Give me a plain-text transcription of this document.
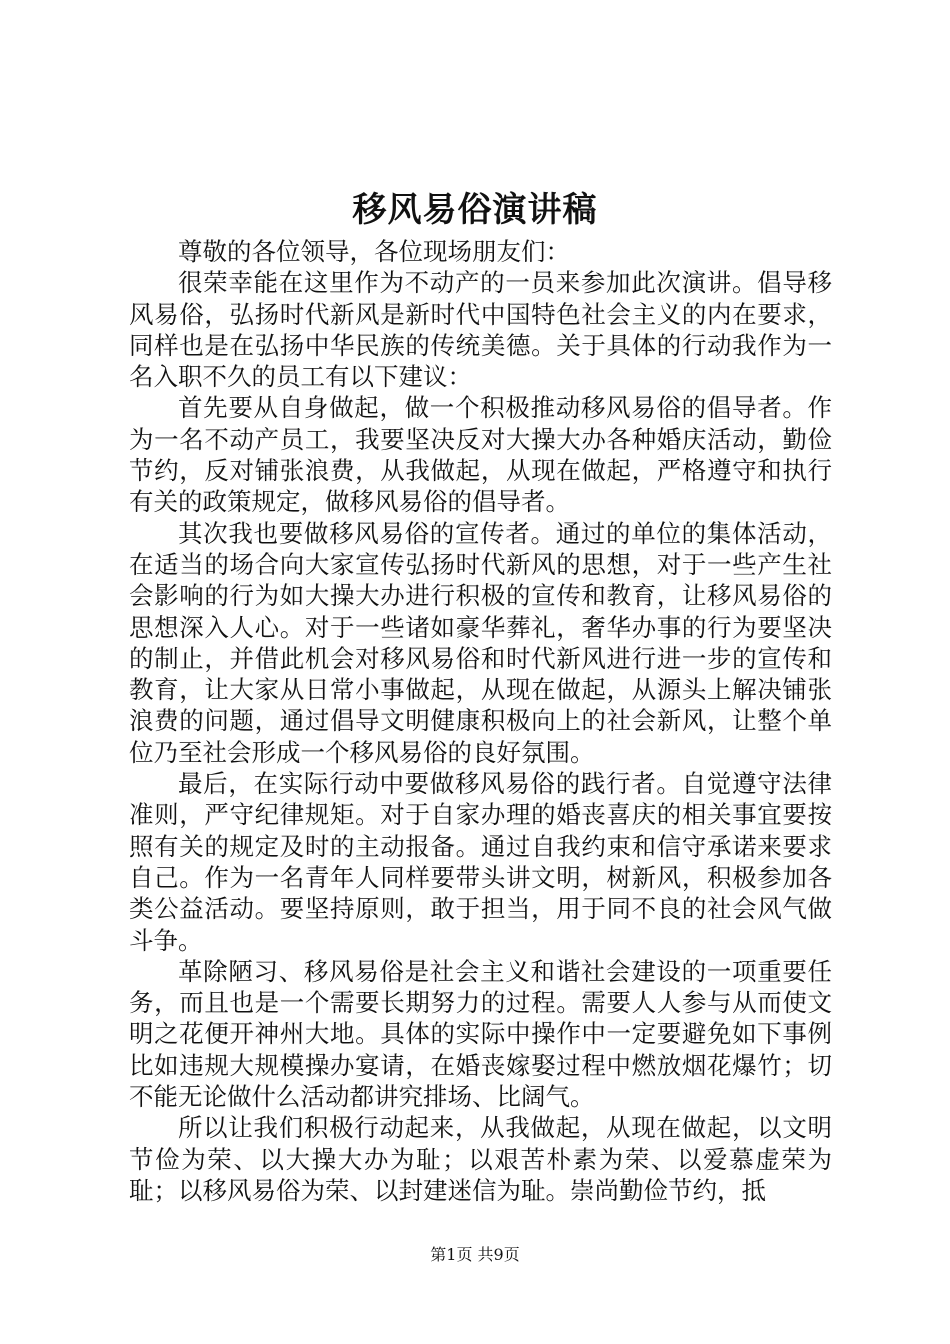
移风易俗演讲稿

尊敬的各位领导，各位现场朋友们：

很荣幸能在这里作为不动产的一员来参加此次演讲。倡导移风易俗，弘扬时代新风是新时代中国特色社会主义的内在要求，同样也是在弘扬中华民族的传统美德。关于具体的行动我作为一名入职不久的员工有以下建议：

首先要从自身做起，做一个积极推动移风易俗的倡导者。作为一名不动产员工，我要坚决反对大操大办各种婚庆活动，勤俭节约，反对铺张浪费，从我做起，从现在做起，严格遵守和执行有关的政策规定，做移风易俗的倡导者。

其次我也要做移风易俗的宣传者。通过的单位的集体活动，在适当的场合向大家宣传弘扬时代新风的思想，对于一些产生社会影响的行为如大操大办进行积极的宣传和教育，让移风易俗的思想深入人心。对于一些诸如豪华葬礼，奢华办事的行为要坚决的制止，并借此机会对移风易俗和时代新风进行进一步的宣传和教育，让大家从日常小事做起，从现在做起，从源头上解决铺张浪费的问题，通过倡导文明健康积极向上的社会新风，让整个单位乃至社会形成一个移风易俗的良好氛围。

最后，在实际行动中要做移风易俗的践行者。自觉遵守法律准则，严守纪律规矩。对于自家办理的婚丧喜庆的相关事宜要按照有关的规定及时的主动报备。通过自我约束和信守承诺来要求自己。作为一名青年人同样要带头讲文明，树新风，积极参加各类公益活动。要坚持原则，敢于担当，用于同不良的社会风气做斗争。

革除陋习、移风易俗是社会主义和谐社会建设的一项重要任务，而且也是一个需要长期努力的过程。需要人人参与从而使文明之花便开神州大地。具体的实际中操作中一定要避免如下事例比如违规大规模操办宴请，在婚丧嫁娶过程中燃放烟花爆竹；切不能无论做什么活动都讲究排场、比阔气。

所以让我们积极行动起来，从我做起，从现在做起，以文明节俭为荣、以大操大办为耻；以艰苦朴素为荣、以爱慕虚荣为耻；以移风易俗为荣、以封建迷信为耻。崇尚勤俭节约，抵

第1页 共9页
